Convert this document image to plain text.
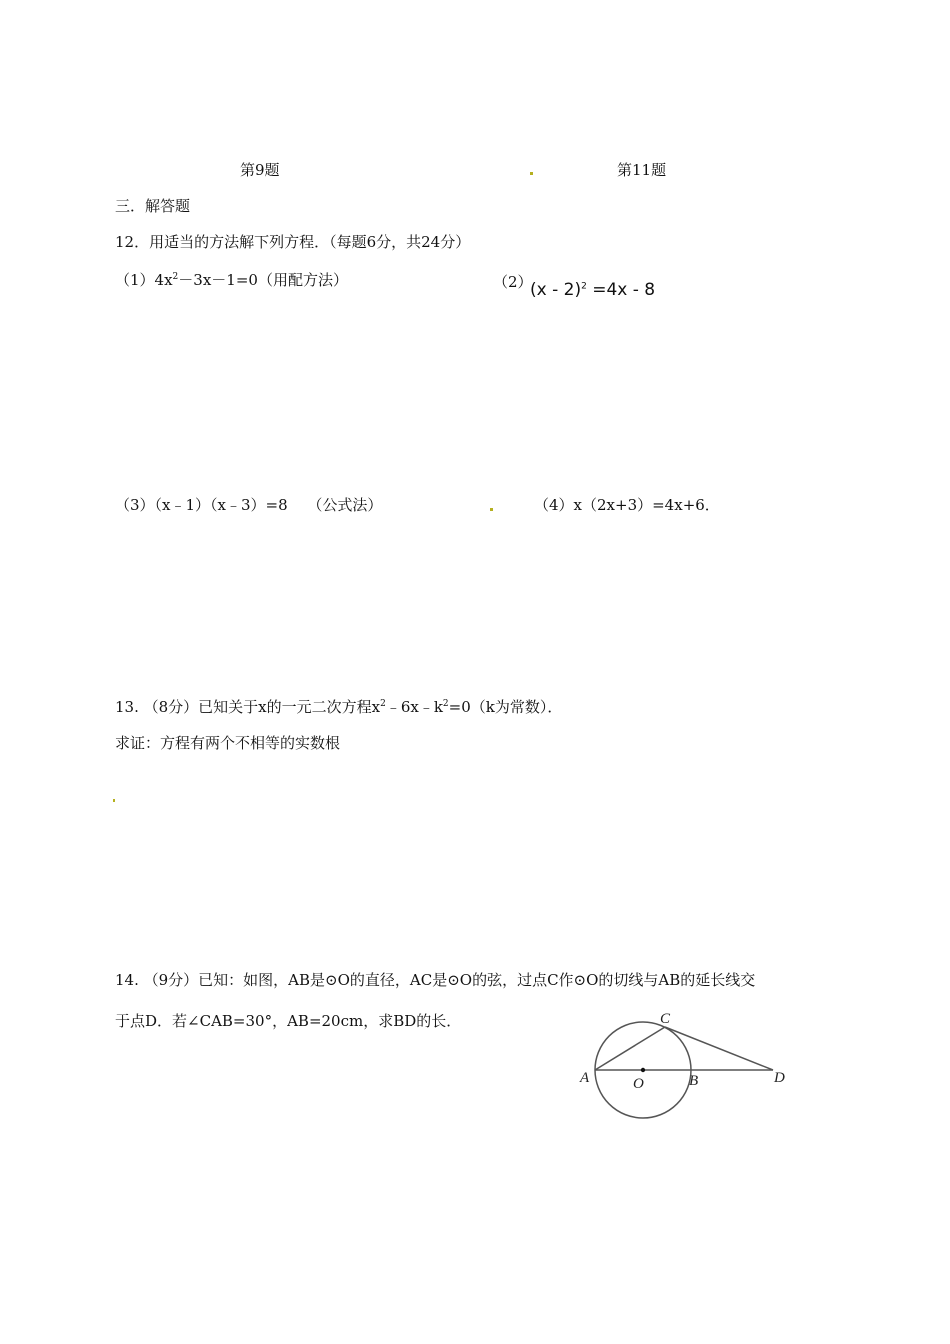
第9题	第11题
三．解答题
12．用适当的方法解下列方程．（每题6分，共24分）
$(1)4x^2-3x-1=0$（用配方法）	（2）
(x - 2)$^2$ =4x - 8
（3）（x﹣1）（x﹣3）=8　 （公式法）	（4）x（2x+3）=4x+6．
13. （8分）已知关于x的一元二次方程$x^2﹣6x﹣k^2=0(k$为常数）．
求证：方程有两个不相等的实数根
14. （9分）已知：如图，AB是⊙O的直径，AC是⊙O的弦，过点C作⊙O的切线与AB的延长线交
于点D．若∠CAB=30°，AB=20cm，求BD的长．
A	O	B
C
D
